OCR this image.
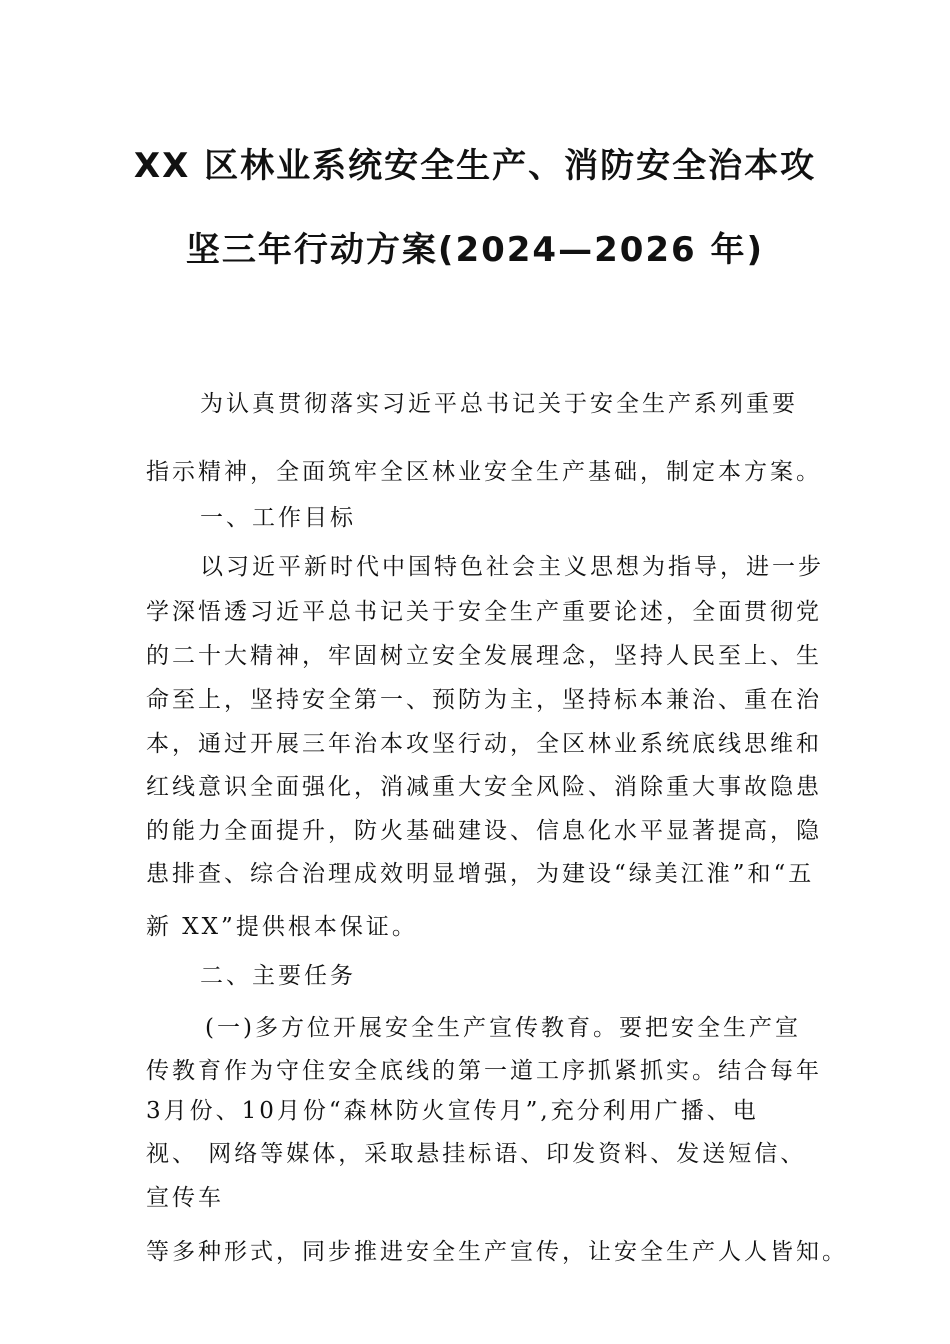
XX 区林业系统安全生产、消防安全治本攻
坚三年行动方案(2024—2026 年)
为认真贯彻落实习近平总书记关于安全生产系列重要
指示精神，全面筑牢全区林业安全生产基础，制定本方案。
一、工作目标
以习近平新时代中国特色社会主义思想为指导，进一步
学深悟透习近平总书记关于安全生产重要论述，全面贯彻党
的二十大精神，牢固树立安全发展理念，坚持人民至上、生
命至上，坚持安全第一、预防为主，坚持标本兼治、重在治
本，通过开展三年治本攻坚行动，全区林业系统底线思维和
红线意识全面强化，消减重大安全风险、消除重大事故隐患
的能力全面提升，防火基础建设、信息化水平显著提高，隐
患排查、综合治理成效明显增强，为建设“绿美江淮”和“五
新 XX”提供根本保证。
二、主要任务
(一)多方位开展安全生产宣传教育。要把安全生产宣
传教育作为守住安全底线的第一道工序抓紧抓实。结合每年
3月份、10月份“森林防火宣传月”,充分利用广播、电
视、 网络等媒体，采取悬挂标语、印发资料、发送短信、
宣传车
等多种形式，同步推进安全生产宣传，让安全生产人人皆知。
